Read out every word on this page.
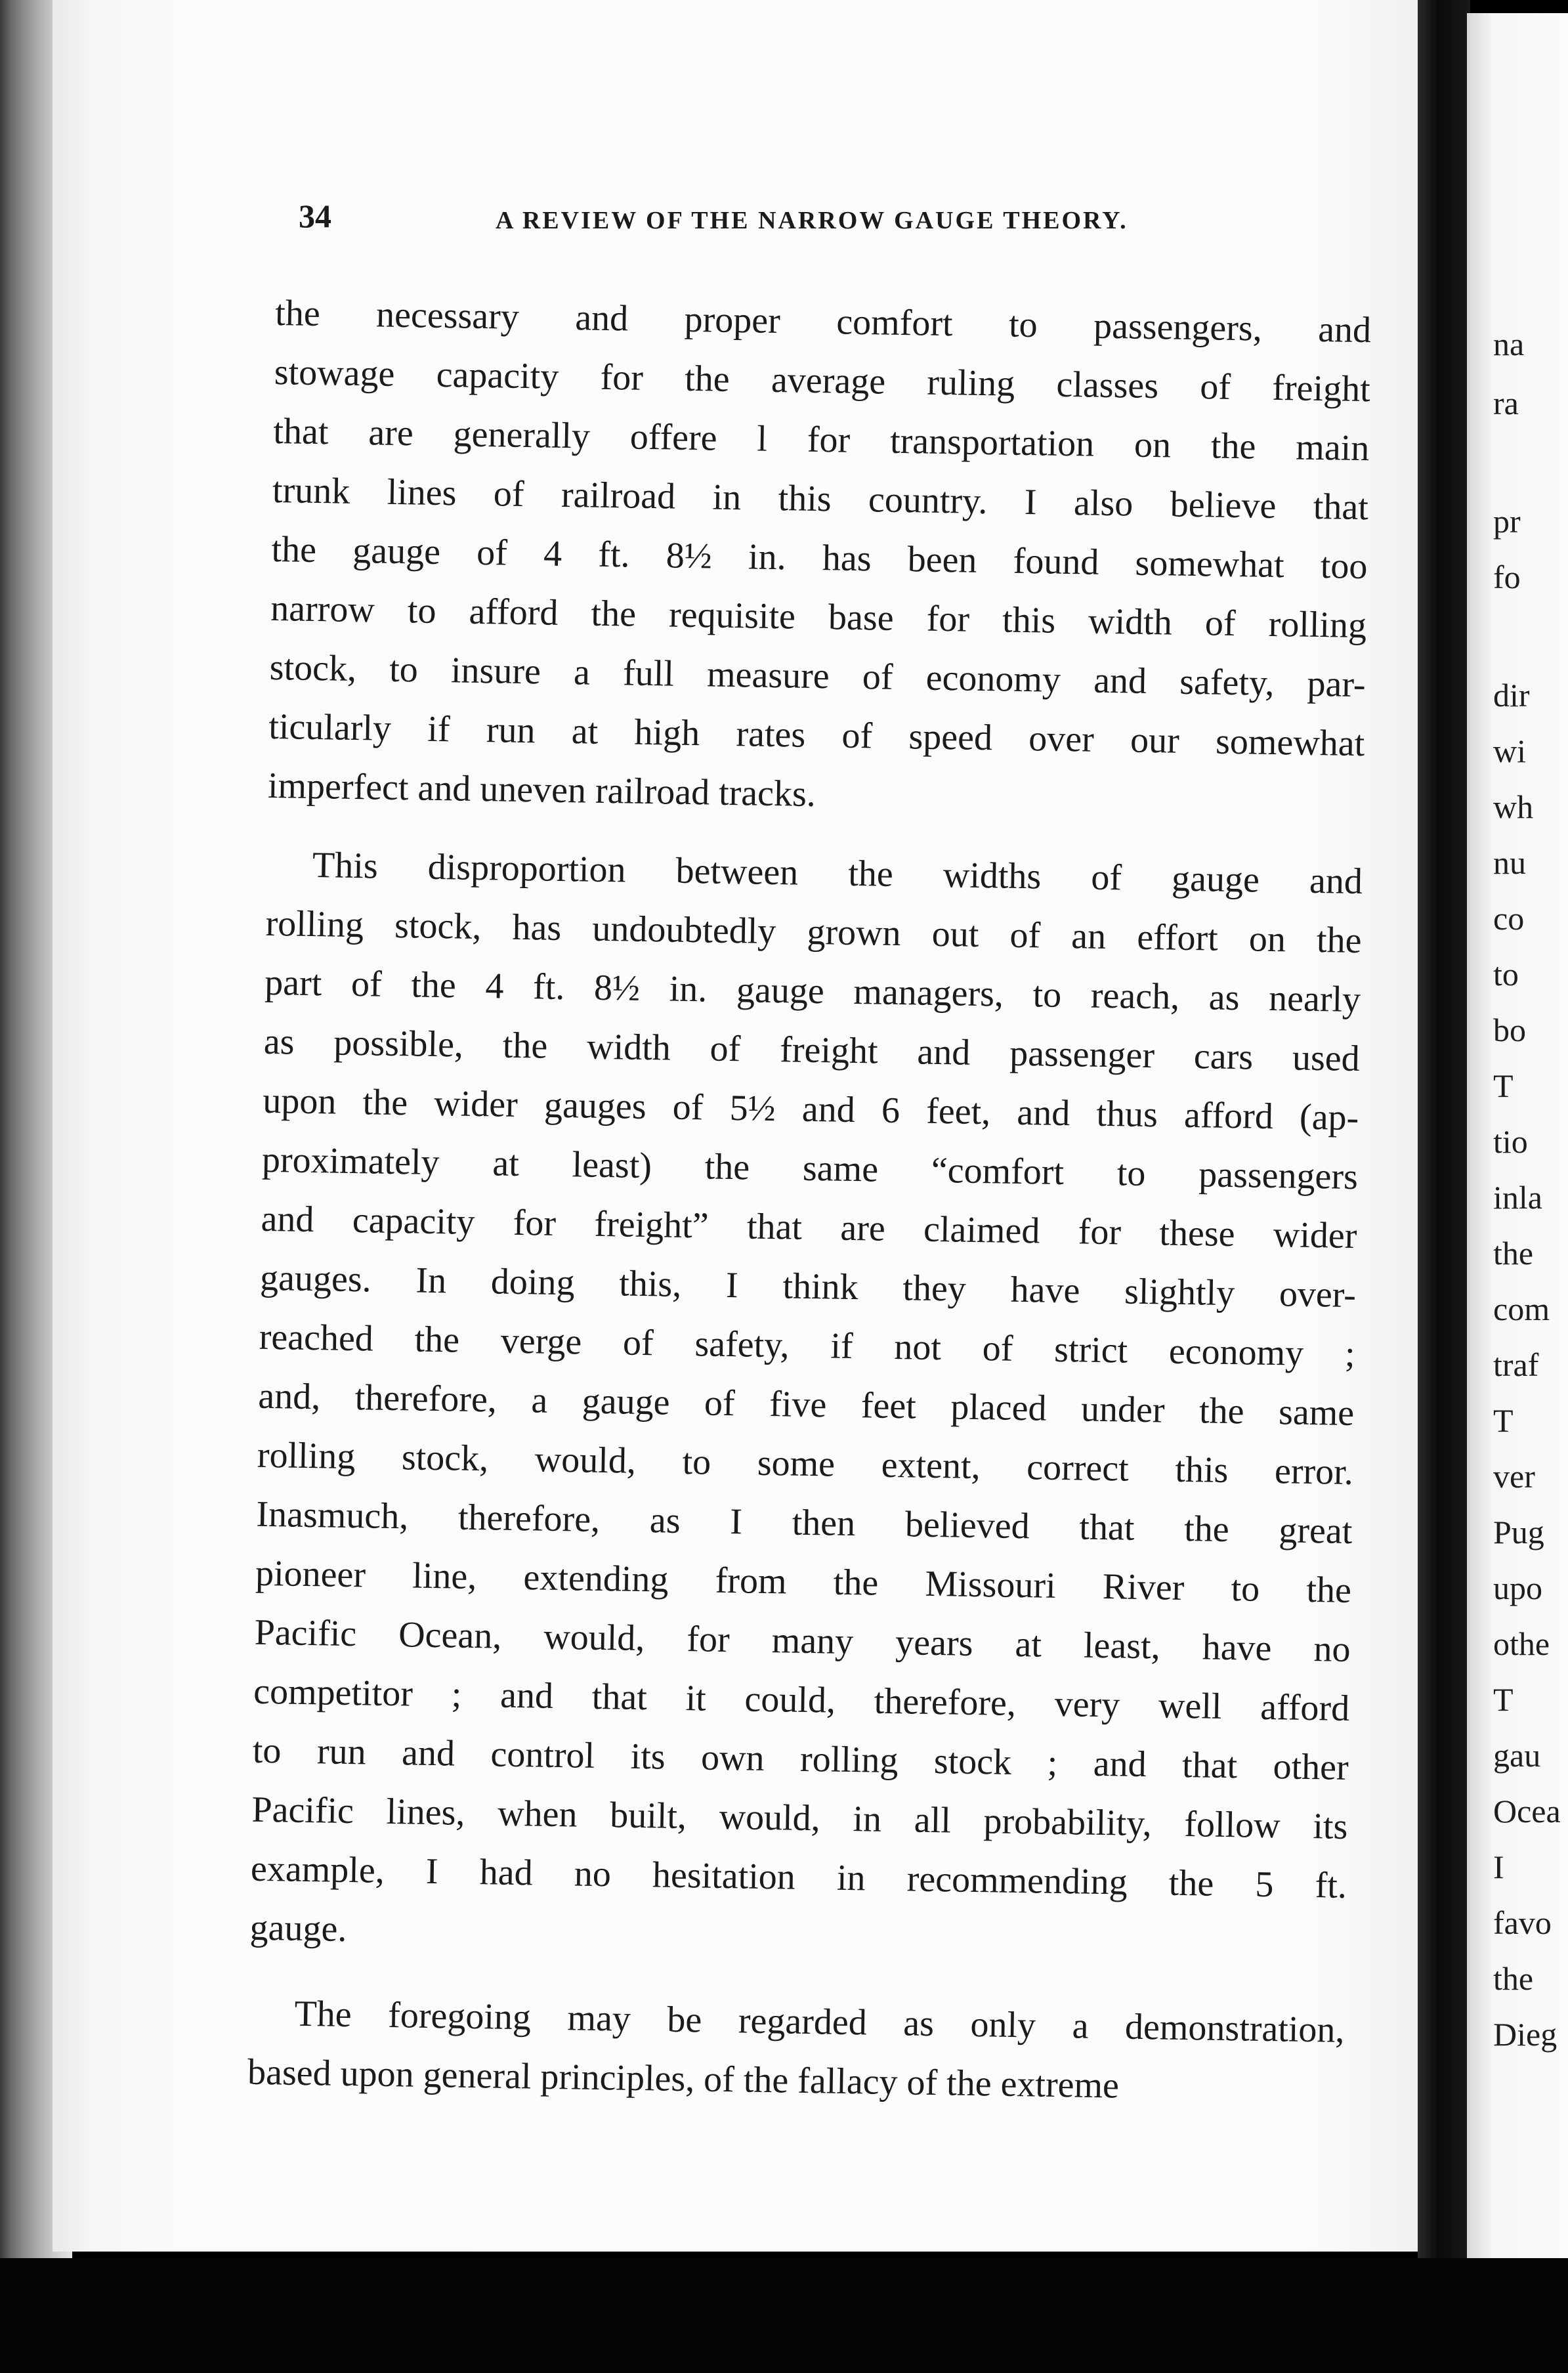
34	A REVIEW OF THE NARROW GAUGE THEORY.
the necessary and proper comfort to passengers, and
stowage capacity for the average ruling classes of freight
that are generally offere l for transportation on the main
trunk lines of railroad in this country. I also believe that
the gauge of 4 ft. 8½ in. has been found somewhat too
narrow to afford the requisite base for this width of rolling
stock, to insure a full measure of economy and safety, par-
ticularly if run at high rates of speed over our somewhat
imperfect and uneven railroad tracks.
This disproportion between the widths of gauge and
rolling stock, has undoubtedly grown out of an effort on the
part of the 4 ft. 8½ in. gauge managers, to reach, as nearly
as possible, the width of freight and passenger cars used
upon the wider gauges of 5½ and 6 feet, and thus afford (ap-
proximately at least) the same “comfort to passengers
and capacity for freight” that are claimed for these wider
gauges. In doing this, I think they have slightly over-
reached the verge of safety, if not of strict economy ;
and, therefore, a gauge of five feet placed under the same
rolling stock, would, to some extent, correct this error.
Inasmuch, therefore, as I then believed that the great
pioneer line, extending from the Missouri River to the
Pacific Ocean, would, for many years at least, have no
competitor ; and that it could, therefore, very well afford
to run and control its own rolling stock ; and that other
Pacific lines, when built, would, in all probability, follow its
example, I had no hesitation in recommending the 5 ft.
gauge.
The foregoing may be regarded as only a demonstration,
based upon general principles, of the fallacy of the extreme
na
ra
pr
fo
dir
wi
wh
nu
co
to
bo
T
tio
inla
the
com
traf
T
ver
Pug
upo
othe
T
gau
Ocea
I
favo
the
Dieg
